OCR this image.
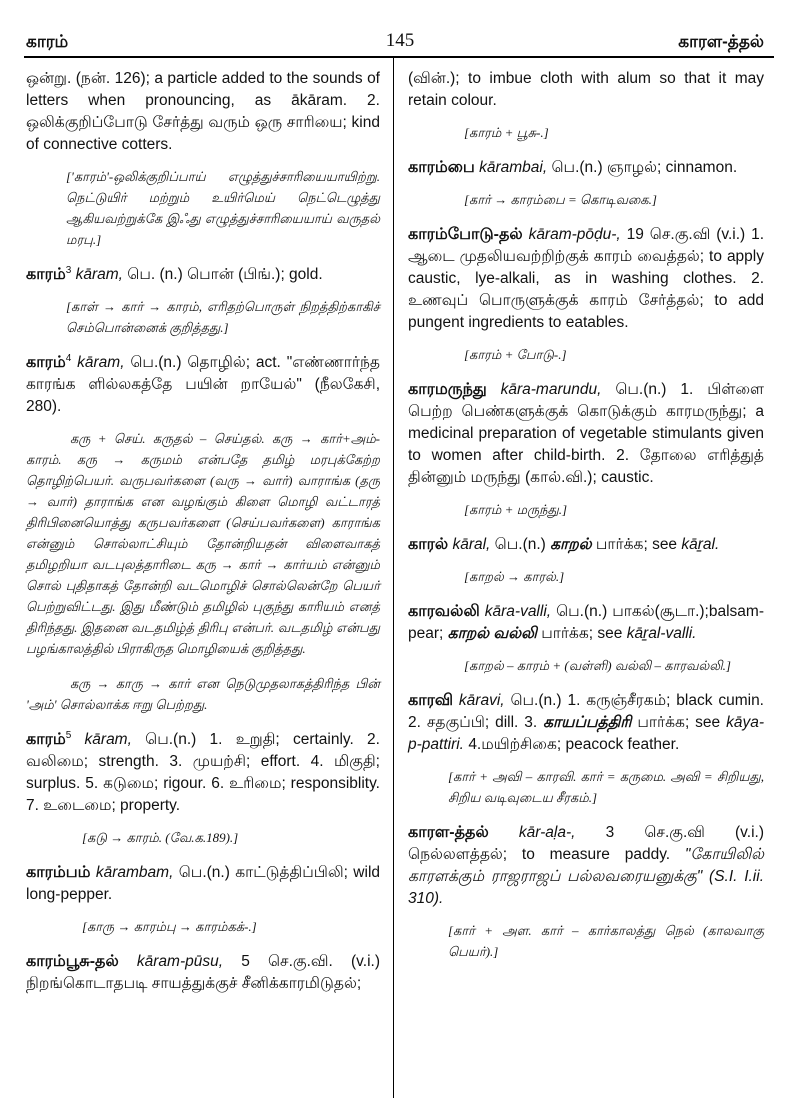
காரம்	145	காரள-த்தல்

ஒன்று. (நன். 126); a particle added to the sounds of letters when pronouncing, as ākāram. 2. ஒலிக்குறிப்போடு சேர்த்து வரும் ஒரு சாரியை; kind of connective cotters.

['காரம்'-ஒலிக்குறிப்பாய் எழுத்துச்சாரியையாயிற்று. நெட்டுயிர் மற்றும் உயிர்மெய் நெட்டெழுத்து ஆகியவற்றுக்கே இஃது எழுத்துச்சாரியையாய் வருதல் மரபு.]

காரம்$^3$ kāram, பெ. (n.) பொன் (பிங்.); gold.

[காள் → கார் → காரம், எரிதற்பொருள் நிறத்திற்காகிச் செம்பொன்னைக் குறித்தது.]

காரம்$^4$ kāram, பெ.(n.) தொழில்; act. "எண்ணார்ந்த காரங்க ளில்லகத்தே பயின் றாயேல்" (நீலகேசி, 280).

கரு + செய். கருதல் – செய்தல். கரு → கார்+அம்- காரம். கரு → கருமம் என்பதே தமிழ் மரபுக்கேற்ற தொழிற்பெயர். வருபவர்களை (வரு → வார்) வாராங்க (தரு → வார்) தாராங்க என வழங்கும் கிளை மொழி வட்டாரத் திரிபினையொத்து கருபவர்களை (செய்பவர்களை) காராங்க என்னும் சொல்லாட்சியும் தோன்றியதன் விளைவாகத் தமிழறியா வடபுலத்தாரிடை கரு → கார் → கார்யம் என்னும் சொல் புதிதாகத் தோன்றி வடமொழிச் சொல்லென்றே பெயர் பெற்றுவிட்டது. இது மீண்டும் தமிழில் புகுந்து காரியம் எனத் திரிந்தது. இதனை வடதமிழ்த் திரிபு என்பர். வடதமிழ் என்பது பழங்காலத்தில் பிராகிருத மொழியைக் குறித்தது.

கரு → காரு → கார் என நெடுமுதலாகத்திரிந்த பின் 'அம்' சொல்லாக்க ஈறு பெற்றது.

காரம்$^5$ kāram, பெ.(n.) 1. உறுதி; certainly. 2. வலிமை; strength. 3. முயற்சி; effort. 4. மிகுதி; surplus. 5. கடுமை; rigour. 6. உரிமை; responsiblity. 7. உடைமை; property.

[கடு → காரம். (வே.க.189).]

காரம்பம் kārambam, பெ.(n.) காட்டுத்திப்பிலி; wild long-pepper.

[காரு → காரம்பு → காரம்கக்-.]

காரம்பூசு-தல் kāram-pūsu, 5 செ.கு.வி. (v.i.) நிறங்கொடாதபடி சாயத்துக்குச் சீனிக்காரமிடுதல்;

(வின்.); to imbue cloth with alum so that it may retain colour.

[காரம் + பூசு-.]

காரம்பை kārambai, பெ.(n.) ஞாழல்; cinnamon.

[கார் → காரம்பை = கொடிவகை.]

காரம்போடு-தல் kāram-pōḍu-, 19 செ.கு.வி (v.i.) 1. ஆடை முதலியவற்றிற்குக் காரம் வைத்தல்; to apply caustic, lye-alkali, as in washing clothes. 2. உணவுப் பொருளுக்குக் காரம் சேர்த்தல்; to add pungent ingredients to eatables.

[காரம் + போடு-.]

காரமருந்து kāra-marundu, பெ.(n.) 1. பிள்ளை பெற்ற பெண்களுக்குக் கொடுக்கும் காரமருந்து; a medicinal preparation of vegetable stimulants given to women after child-birth. 2. தோலை எரித்துத் தின்னும் மருந்து (கால்.வி.); caustic.

[காரம் + மருந்து.]

காரல் kāral, பெ.(n.) காறல் பார்க்க; see kāṟal.

[காறல் → காரல்.]

காரவல்லி kāra-valli, பெ.(n.) பாகல்(சூடா.);balsam-pear; காறல் வல்லி பார்க்க; see kāṟal-valli.

[காறல் – காரம் + (வள்ளி) வல்லி – காரவல்லி.]

காரவி kāravi, பெ.(n.) 1. கருஞ்சீரகம்; black cumin. 2. சதகுப்பி; dill. 3. காயப்பத்திரி பார்க்க; see kāya-p-pattiri. 4.மயிற்சிகை; peacock feather.

[கார் + அவி – காரவி. கார் = கருமை. அவி = சிறியது, சிறிய வடிவுடைய சீரகம்.]

காரள-த்தல் kār-aḷa-, 3 செ.கு.வி (v.i.) நெல்லளத்தல்; to measure paddy. "கோயிலில் காரளக்கும் ராஜராஜப் பல்லவரையனுக்கு" (S.I. I.ii. 310).

[கார் + அள. கார் – கார்காலத்து நெல் (காலவாகு பெயர்).]
